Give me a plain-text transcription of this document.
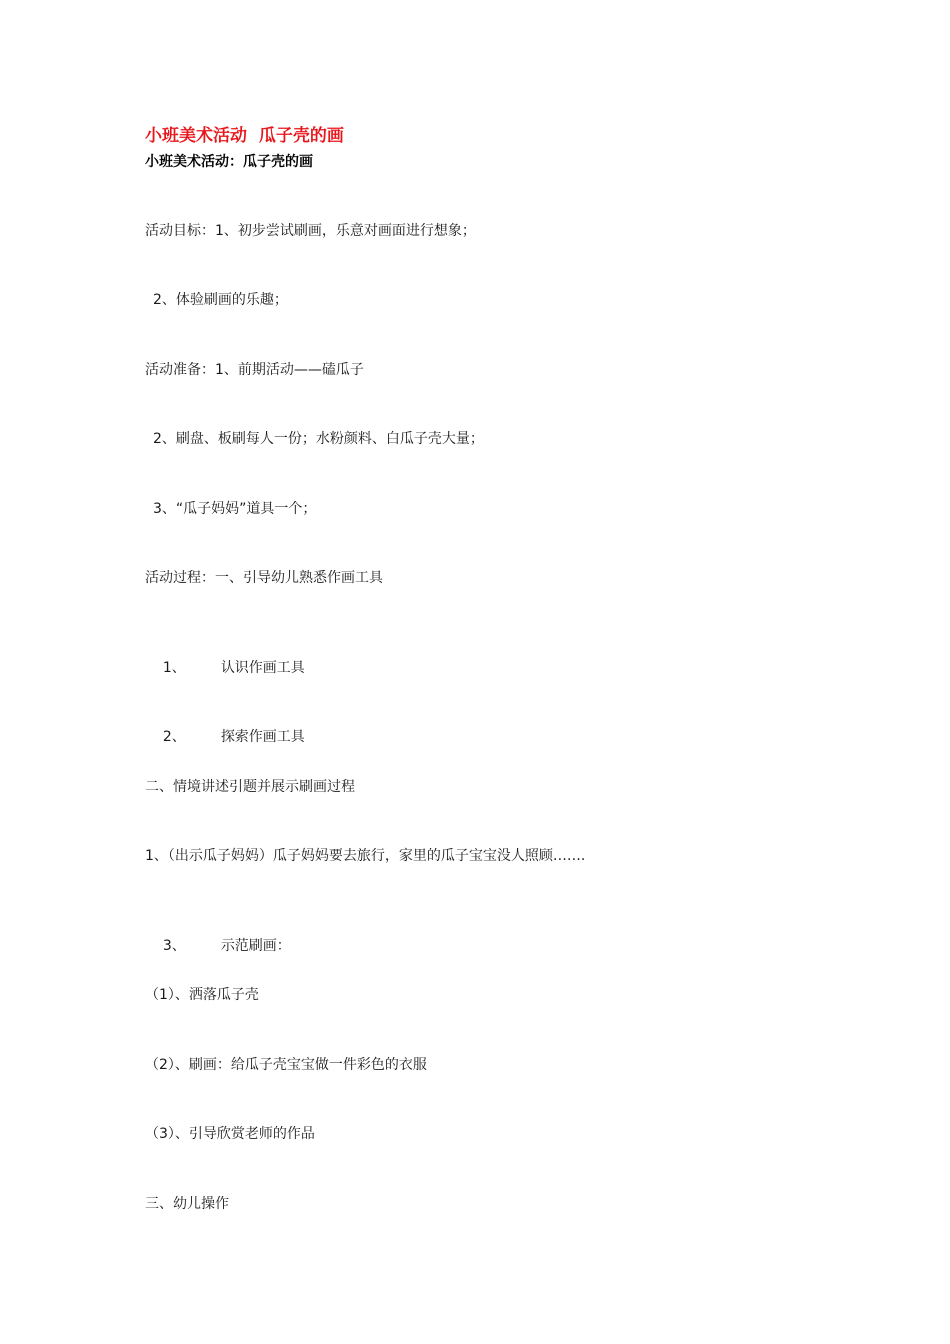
小班美术活动  瓜子壳的画
小班美术活动：瓜子壳的画
活动目标：1、初步尝试刷画，乐意对画面进行想象；
2、体验刷画的乐趣；
活动准备：1、前期活动——磕瓜子
2、刷盘、板刷每人一份；水粉颜料、白瓜子壳大量；
3、“瓜子妈妈”道具一个；
活动过程：一、引导幼儿熟悉作画工具

1、	认识作画工具

2、	探索作画工具

二、情境讲述引题并展示刷画过程
1、（出示瓜子妈妈）瓜子妈妈要去旅行，家里的瓜子宝宝没人照顾…….

3、	示范刷画：

（1）、洒落瓜子壳
（2）、刷画：给瓜子壳宝宝做一件彩色的衣服
（3）、引导欣赏老师的作品
三、幼儿操作
